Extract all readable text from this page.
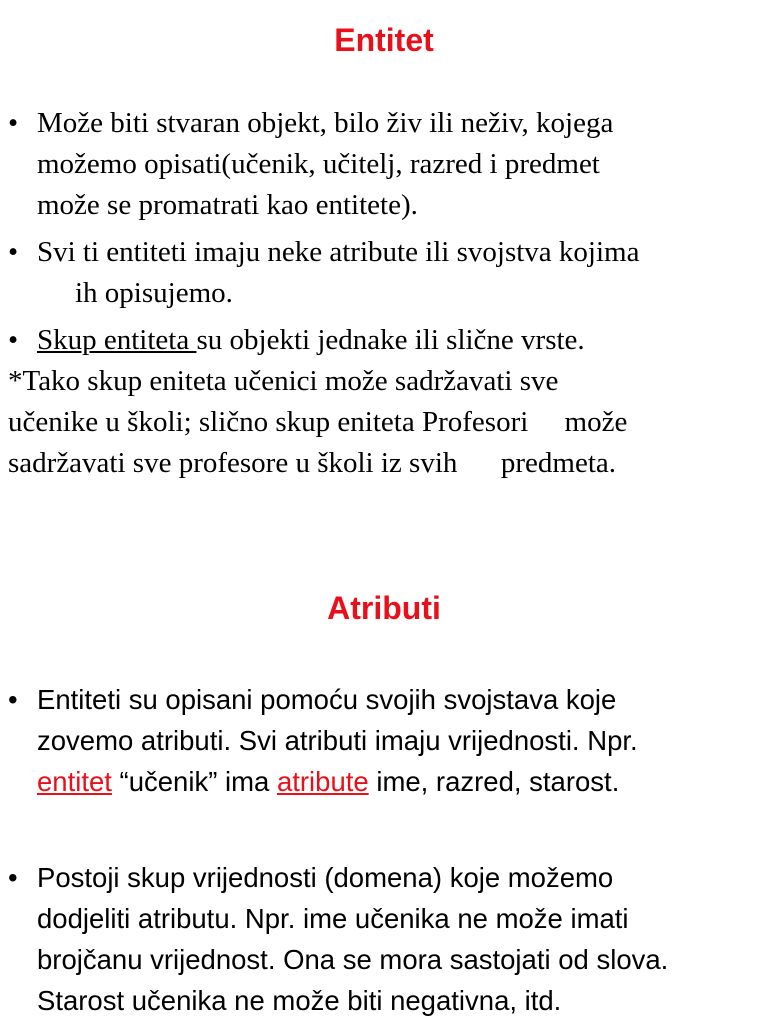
Entitet
• Može biti stvaran objekt, bilo živ ili neživ, kojega
možemo opisati(učenik, učitelj, razred i predmet
može se promatrati kao entitete).
• Svi ti entiteti imaju neke atribute ili svojstva kojima
ih opisujemo.
• Skup entiteta su objekti jednake ili slične vrste.
*Tako skup eniteta učenici može sadržavati sve
učenike u školi; slično skup eniteta Profesori     može
sadržavati sve profesore u školi iz svih      predmeta.
Atributi
• Entiteti su opisani pomoću svojih svojstava koje
zovemo atributi. Svi atributi imaju vrijednosti. Npr.
entitet “učenik” ima atribute ime, razred, starost.
• Postoji skup vrijednosti (domena) koje možemo
dodjeliti atributu. Npr. ime učenika ne može imati
brojčanu vrijednost. Ona se mora sastojati od slova.
Starost učenika ne može biti negativna, itd.
